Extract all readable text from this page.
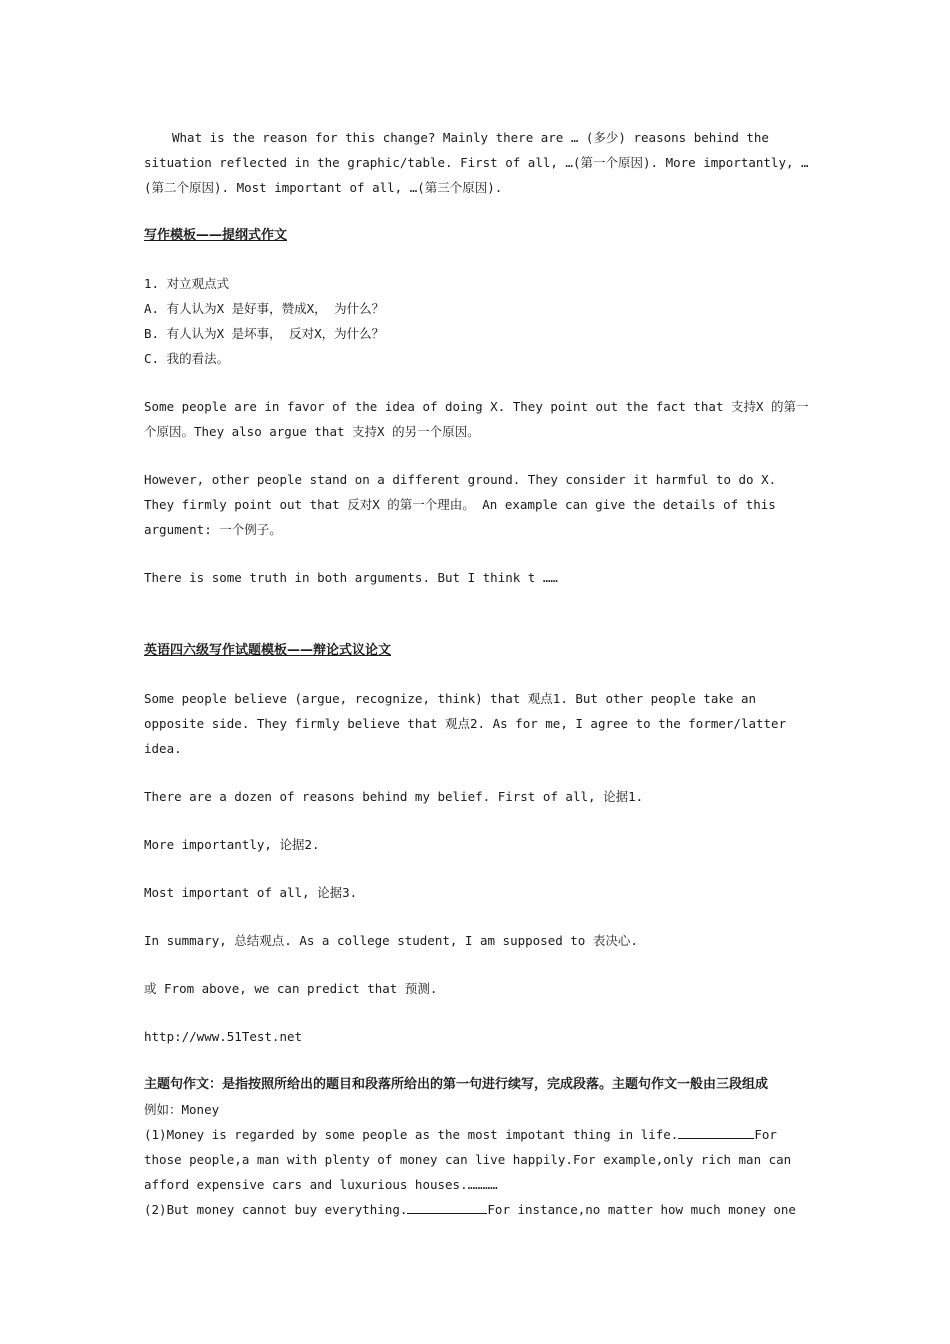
What is the reason for this change? Mainly there are … (多少) reasons behind the situation reflected in the graphic/table. First of all, …(第一个原因). More importantly, …(第二个原因). Most important of all, …(第三个原因).

写作模板——提纲式作文

1. 对立观点式

A. 有人认为X 是好事，赞成X， 为什么？

B. 有人认为X 是坏事， 反对X，为什么？

C. 我的看法。

Some people are in favor of the idea of doing X. They point out the fact that 支持X 的第一个原因。They also argue that 支持X 的另一个原因。

However, other people stand on a different ground. They consider it harmful to do X. They firmly point out that 反对X 的第一个理由。 An example can give the details of this argument: 一个例子。

There is some truth in both arguments. But I think t ……

英语四六级写作试题模板——辩论式议论文

Some people believe (argue, recognize, think) that 观点1. But other people take an opposite side. They firmly believe that 观点2. As for me, I agree to the former/latter idea.

There are a dozen of reasons behind my belief. First of all, 论据1.

More importantly, 论据2.

Most important of all, 论据3.

In summary, 总结观点. As a college student, I am supposed to 表决心.

或 From above, we can predict that 预测.

http://www.51Test.net

主题句作文：是指按照所给出的题目和段落所给出的第一句进行续写，完成段落。主题句作文一般由三段组成

例如：Money

(1)Money is regarded by some people as the most impotant thing in life.	For those people,a man with plenty of money can live happily.For example,only rich man can afford expensive cars and luxurious houses.…………

(2)But money cannot buy everything.	For instance,no matter how much money one
